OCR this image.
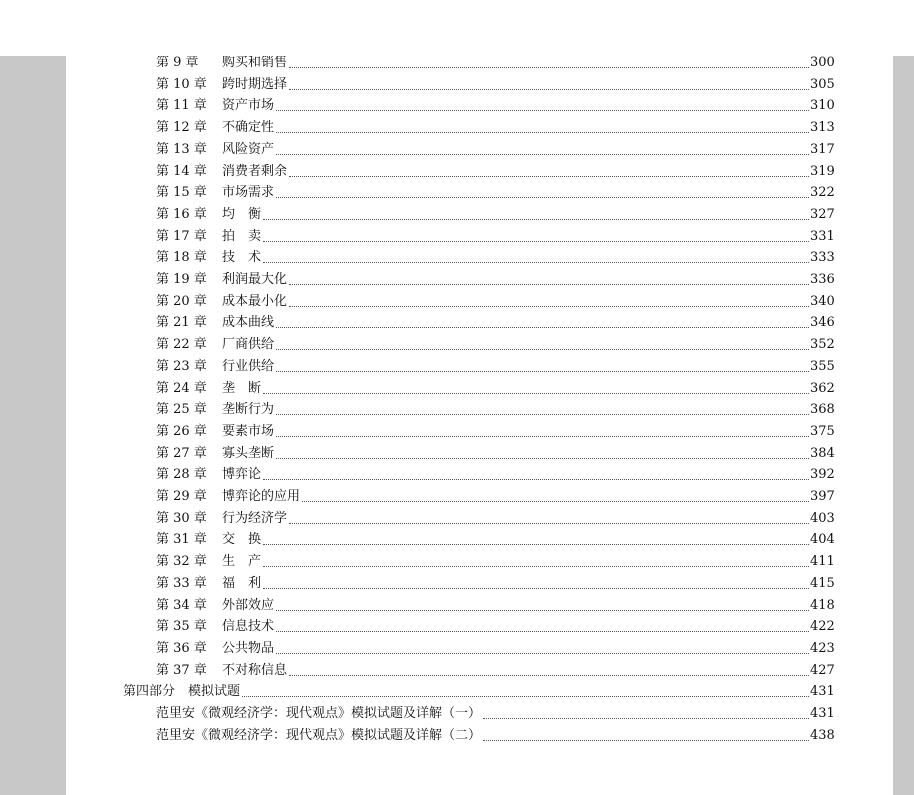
第 9 章	购买和销售	300
第 10 章	跨时期选择	305
第 11 章	资产市场	310
第 12 章	不确定性	313
第 13 章	风险资产	317
第 14 章	消费者剩余	319
第 15 章	市场需求	322
第 16 章	均　衡	327
第 17 章	拍　卖	331
第 18 章	技　术	333
第 19 章	利润最大化	336
第 20 章	成本最小化	340
第 21 章	成本曲线	346
第 22 章	厂商供给	352
第 23 章	行业供给	355
第 24 章	垄　断	362
第 25 章	垄断行为	368
第 26 章	要素市场	375
第 27 章	寡头垄断	384
第 28 章	博弈论	392
第 29 章	博弈论的应用	397
第 30 章	行为经济学	403
第 31 章	交　换	404
第 32 章	生　产	411
第 33 章	福　利	415
第 34 章	外部效应	418
第 35 章	信息技术	422
第 36 章	公共物品	423
第 37 章	不对称信息	427
第四部分　模拟试题	431
范里安《微观经济学：现代观点》模拟试题及详解（一）	431
范里安《微观经济学：现代观点》模拟试题及详解（二）	438
